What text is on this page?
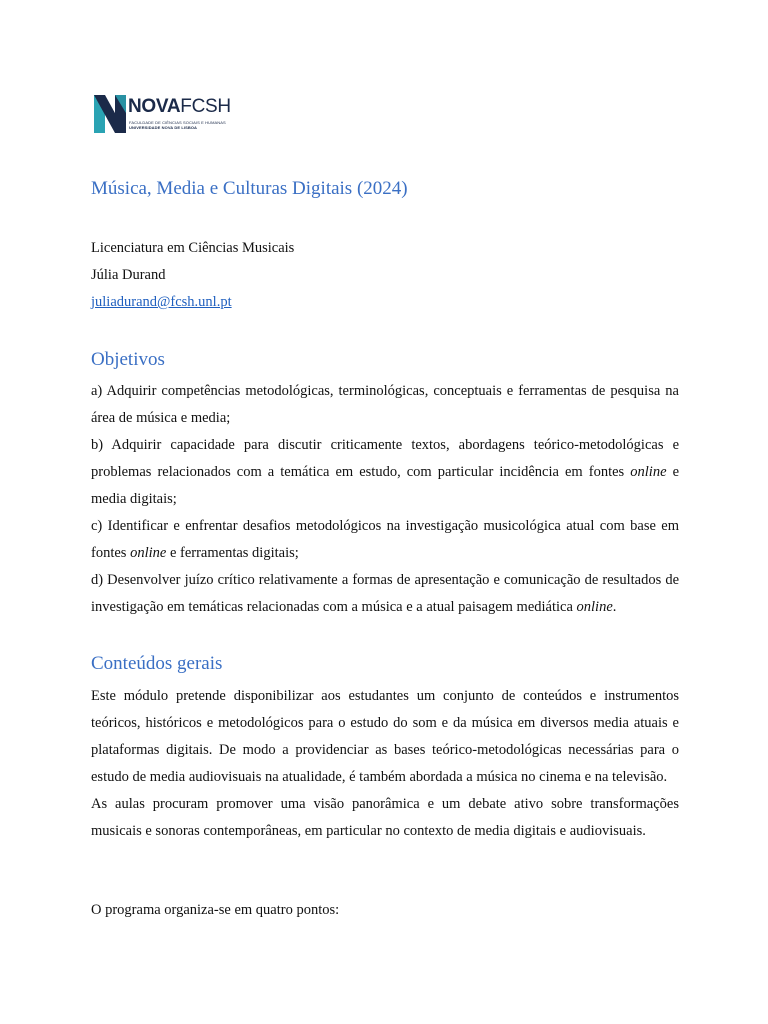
NOVAFCSH
FACULDADE DE CIÊNCIAS SOCIAIS E HUMANAS
UNIVERSIDADE NOVA DE LISBOA
Música, Media e Culturas Digitais (2024)
Licenciatura em Ciências Musicais
Júlia Durand
juliadurand@fcsh.unl.pt
Objetivos

a) Adquirir competências metodológicas, terminológicas, conceptuais e ferramentas de pesquisa na área de música e media;

b) Adquirir capacidade para discutir criticamente textos, abordagens teórico-metodológicas e problemas relacionados com a temática em estudo, com particular incidência em fontes online e media digitais;

c) Identificar e enfrentar desafios metodológicos na investigação musicológica atual com base em fontes online e ferramentas digitais;

d) Desenvolver juízo crítico relativamente a formas de apresentação e comunicação de resultados de investigação em temáticas relacionadas com a música e a atual paisagem mediática online.

Conteúdos gerais

Este módulo pretende disponibilizar aos estudantes um conjunto de conteúdos e instrumentos teóricos, históricos e metodológicos para o estudo do som e da música em diversos media atuais e plataformas digitais. De modo a providenciar as bases teórico-metodológicas necessárias para o estudo de media audiovisuais na atualidade, é também abordada a música no cinema e na televisão.

As aulas procuram promover uma visão panorâmica e um debate ativo sobre transformações musicais e sonoras contemporâneas, em particular no contexto de media digitais e audiovisuais.

O programa organiza-se em quatro pontos:
